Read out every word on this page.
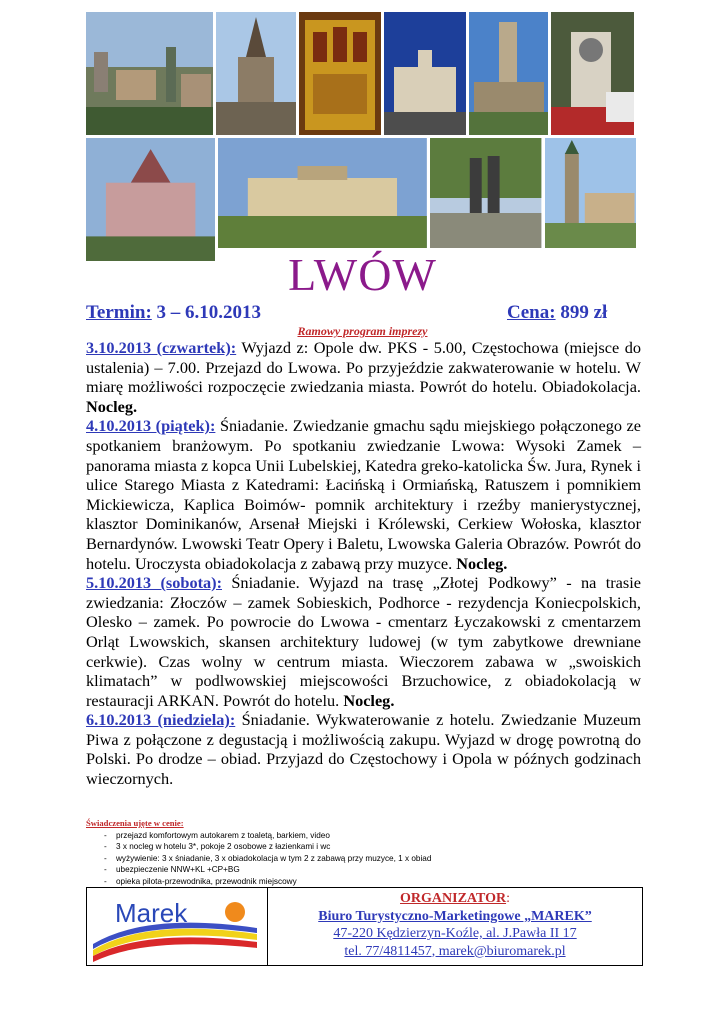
LWÓW
Termin: 3 – 6.10.2013	Cena: 899 zł
Ramowy program imprezy

3.10.2013 (czwartek): Wyjazd z: Opole dw. PKS - 5.00, Częstochowa (miejsce do ustalenia) – 7.00. Przejazd do Lwowa. Po przyjeździe zakwaterowanie w hotelu. W miarę możliwości rozpoczęcie zwiedzania miasta. Powrót do hotelu. Obiadokolacja. Nocleg.

4.10.2013 (piątek): Śniadanie. Zwiedzanie gmachu sądu miejskiego połączonego ze spotkaniem branżowym. Po spotkaniu zwiedzanie Lwowa: Wysoki Zamek – panorama miasta z kopca Unii Lubelskiej, Katedra greko-katolicka Św. Jura, Rynek i ulice Starego Miasta z Katedrami: Łacińską i Ormiańską, Ratuszem i pomnikiem Mickiewicza, Kaplica Boimów- pomnik architektury i rzeźby manierystycznej, klasztor Dominikanów, Arsenał Miejski i Królewski, Cerkiew Wołoska, klasztor Bernardynów. Lwowski Teatr Opery i Baletu, Lwowska Galeria Obrazów. Powrót do hotelu. Uroczysta obiadokolacja z zabawą przy muzyce. Nocleg.

5.10.2013 (sobota): Śniadanie. Wyjazd na trasę „Złotej Podkowy” - na trasie zwiedzania: Złoczów – zamek Sobieskich, Podhorce - rezydencja Koniecpolskich, Olesko – zamek. Po powrocie do Lwowa - cmentarz Łyczakowski z cmentarzem Orląt Lwowskich, skansen architektury ludowej (w tym zabytkowe drewniane cerkwie). Czas wolny w centrum miasta. Wieczorem zabawa w „swoiskich klimatach” w podlwowskiej miejscowości Brzuchowice, z obiadokolacją w restauracji ARKAN. Powrót do hotelu. Nocleg.

6.10.2013 (niedziela): Śniadanie. Wykwaterowanie z hotelu. Zwiedzanie Muzeum Piwa z połączone z degustacją i możliwością zakupu. Wyjazd w drogę powrotną do Polski. Po drodze – obiad. Przyjazd do Częstochowy i Opola w późnych godzinach wieczornych.

Świadczenia ujęte w cenie:
- przejazd komfortowym autokarem z toaletą, barkiem, video
- 3 x nocleg w hotelu 3*, pokoje 2 osobowe z łazienkami i wc
- wyżywienie: 3 x śniadanie, 3 x obiadokolacja w tym 2 z zabawą przy muzyce, 1 x obiad
- ubezpieczenie NNW+KL +CP+BG
- opieka pilota-przewodnika, przewodnik miejscowy
Marek	ORGANIZATOR:
Biuro Turystyczno-Marketingowe „MAREK”
47-220 Kędzierzyn-Koźle, al. J.Pawła II 17
tel. 77/4811457, marek@biuromarek.pl
